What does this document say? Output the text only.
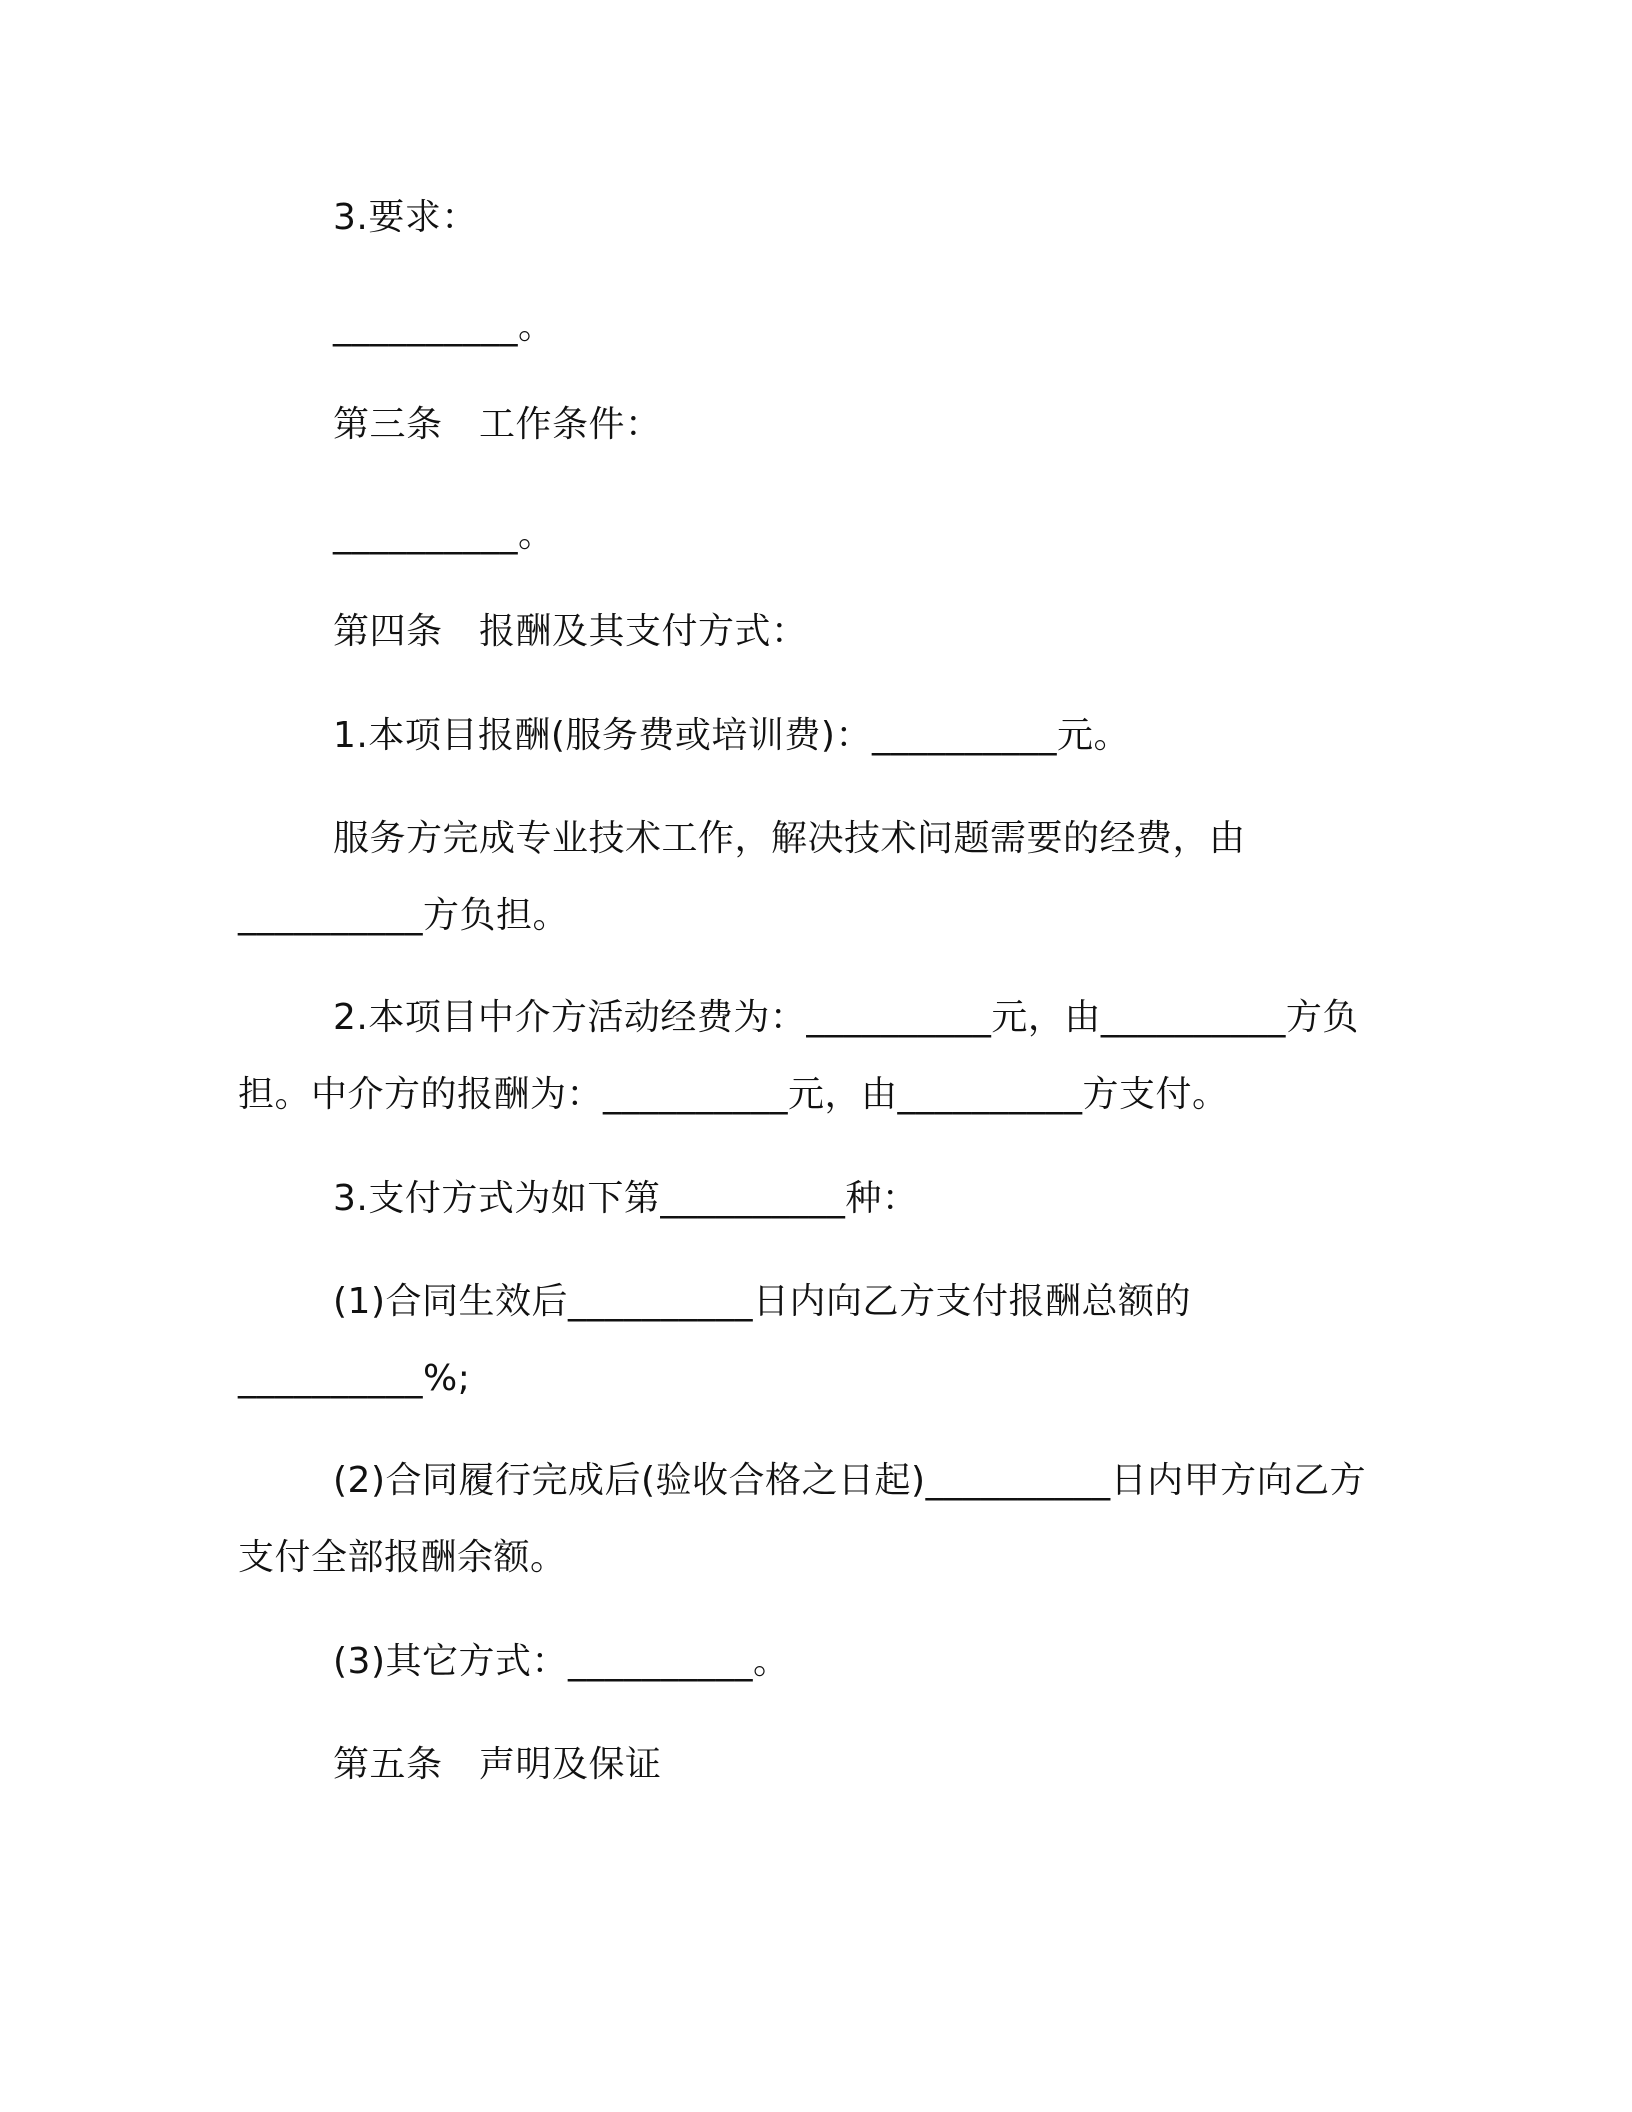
3.要求：
__________。
第三条　工作条件：
__________。
第四条　报酬及其支付方式：
1.本项目报酬(服务费或培训费)：__________元。
服务方完成专业技术工作，解决技术问题需要的经费，由
__________方负担。
2.本项目中介方活动经费为：__________元，由__________方负
担。中介方的报酬为：__________元，由__________方支付。
3.支付方式为如下第__________种：
(1)合同生效后__________日内向乙方支付报酬总额的
__________%;
(2)合同履行完成后(验收合格之日起)__________日内甲方向乙方
支付全部报酬余额。
(3)其它方式：__________。
第五条　声明及保证
